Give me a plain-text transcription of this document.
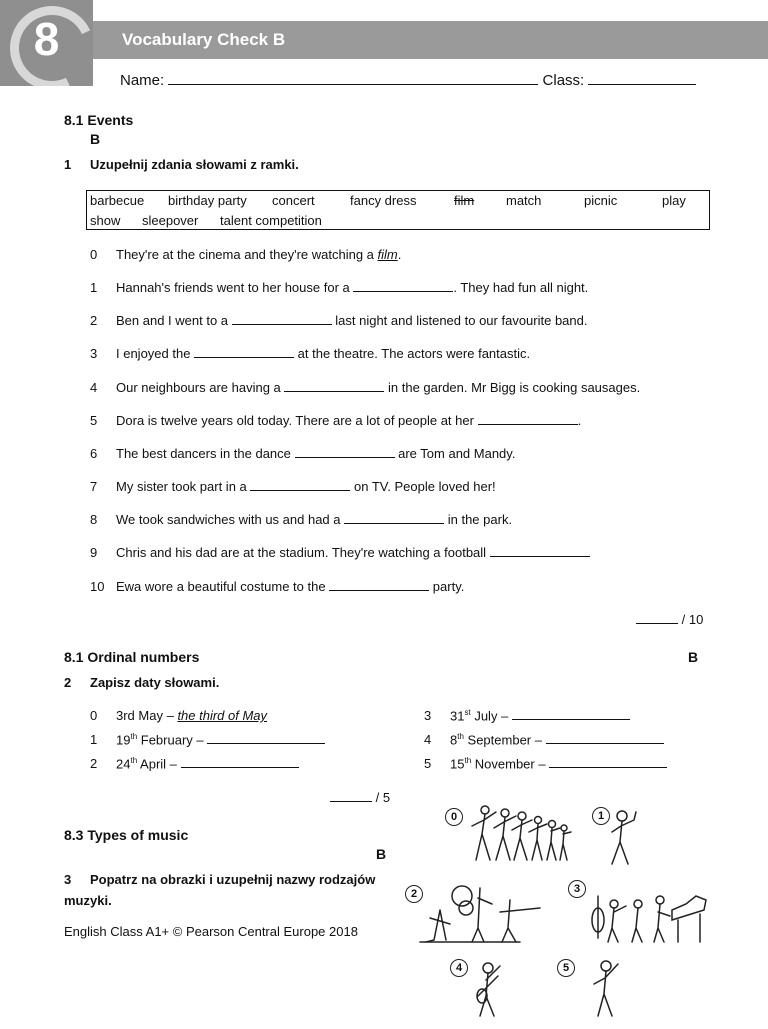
8	Vocabulary Check B
Name:	Class:
8.1 Events
B
1 Uzupełnij zdania słowami z ramki.
barbecue birthday party concert	fancy dress	film match	picnic	play
show sleepover talent competition
0 They're at the cinema and they're watching a film.
1 Hannah's friends went to her house for a	. They had fun all night.
2 Ben and I went to a	last night and listened to our favourite band.
3 I enjoyed the	at the theatre. The actors were fantastic.
4 Our neighbours are having a	in the garden. Mr Bigg is cooking sausages.
5 Dora is twelve years old today. There are a lot of people at her	.
6 The best dancers in the dance	are Tom and Mandy.
7 My sister took part in a	on TV. People loved her!
8 We took sandwiches with us and had a	in the park.
9 Chris and his dad are at the stadium. They're watching a football
10 Ewa wore a beautiful costume to the	party.
/ 10
8.1 Ordinal numbers	B
2 Zapisz daty słowami.
0 3rd May – the third of May
1 19th February –
2 24th April –
3 31st July –
4 8th September –
5 15th November –
/ 5
8.3 Types of music
B
3 Popatrz na obrazki i uzupełnij nazwy rodzajów
muzyki.
English Class A1+ © Pearson Central Europe 2018
0	1
2	3
4	5
